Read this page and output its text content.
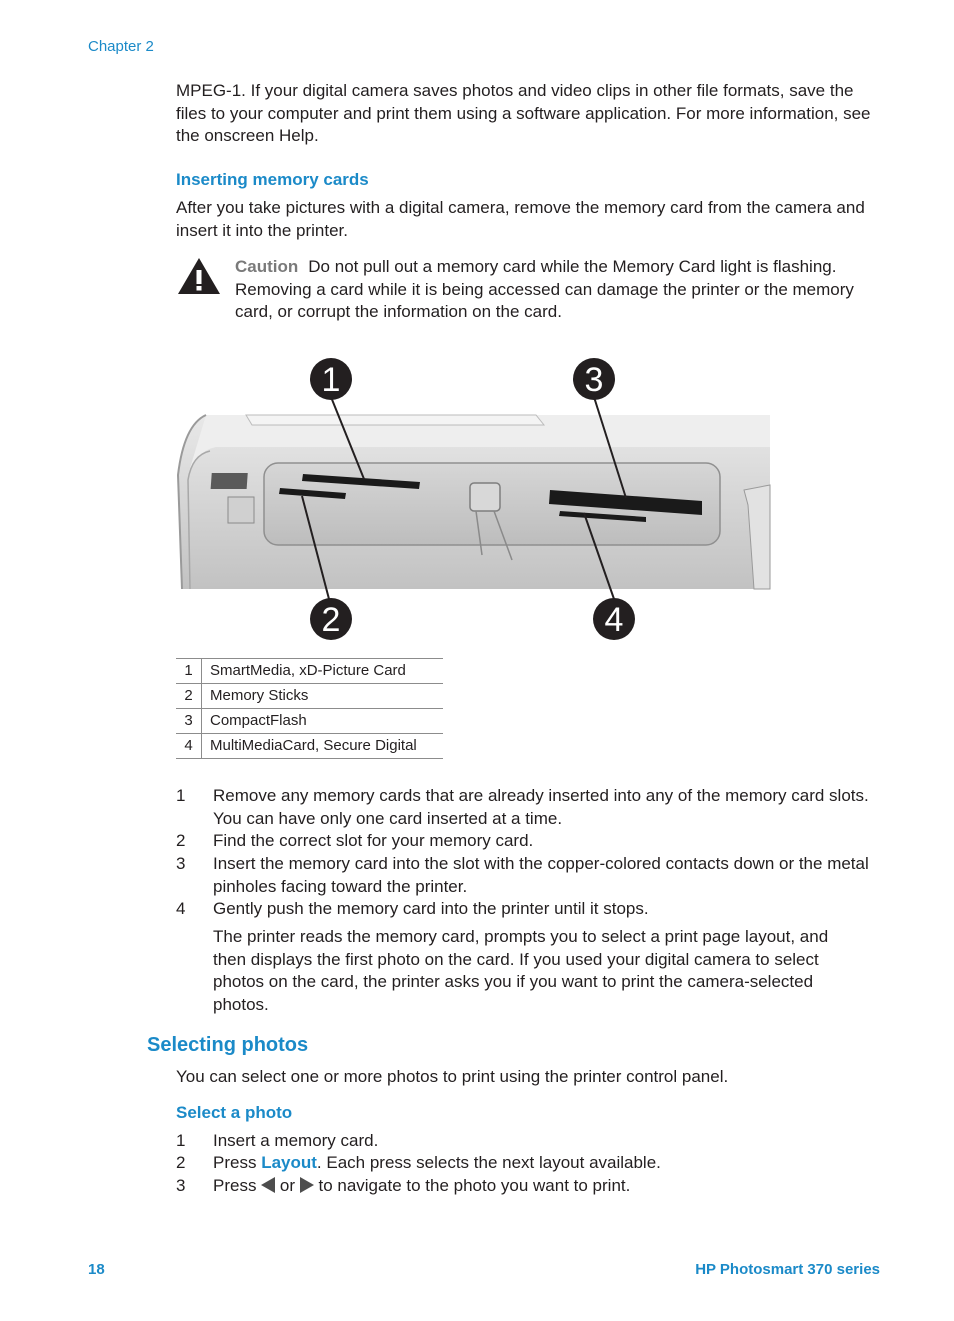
Chapter 2
MPEG-1. If your digital camera saves photos and video clips in other file formats, save the files to your computer and print them using a software application. For more information, see the onscreen Help.
Inserting memory cards
After you take pictures with a digital camera, remove the memory card from the camera and insert it into the printer.
Caution Do not pull out a memory card while the Memory Card light is flashing. Removing a card while it is being accessed can damage the printer or the memory card, or corrupt the information on the card.
1	3
2	4
1	SmartMedia, xD-Picture Card
2	Memory Sticks
3	CompactFlash
4	MultiMediaCard, Secure Digital
1	Remove any memory cards that are already inserted into any of the memory card slots. You can have only one card inserted at a time.
2	Find the correct slot for your memory card.
3	Insert the memory card into the slot with the copper-colored contacts down or the metal pinholes facing toward the printer.
4	Gently push the memory card into the printer until it stops.
The printer reads the memory card, prompts you to select a print page layout, and then displays the first photo on the card. If you used your digital camera to select photos on the card, the printer asks you if you want to print the camera-selected photos.
Selecting photos
You can select one or more photos to print using the printer control panel.
Select a photo
1	Insert a memory card.
2	Press Layout. Each press selects the next layout available.
3	Press  or  to navigate to the photo you want to print.
18	HP Photosmart 370 series
